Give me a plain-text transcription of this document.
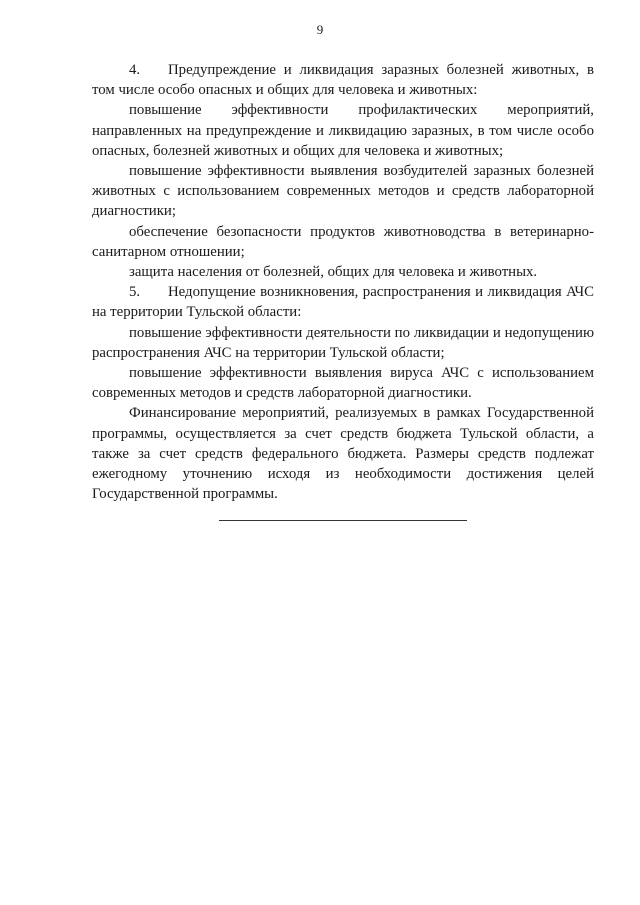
9

4. Предупреждение и ликвидация заразных болезней животных, в том числе особо опасных и общих для человека и животных:

повышение эффективности профилактических мероприятий, направленных на предупреждение и ликвидацию заразных, в том числе особо опасных, болезней животных и общих для человека и животных;

повышение эффективности выявления возбудителей заразных болезней животных с использованием современных методов и средств лабораторной диагностики;

обеспечение безопасности продуктов животноводства в ветеринарно-санитарном отношении;

защита населения от болезней, общих для человека и животных.

5. Недопущение возникновения, распространения и ликвидация АЧС на территории Тульской области:

повышение эффективности деятельности по ликвидации и недопущению распространения АЧС на территории Тульской области;

повышение эффективности выявления вируса АЧС с использованием современных методов и средств лабораторной диагностики.

Финансирование мероприятий, реализуемых в рамках Государственной программы, осуществляется за счет средств бюджета Тульской области, а также за счет средств федерального бюджета. Размеры средств подлежат ежегодному уточнению исходя из необходимости достижения целей Государственной программы.
